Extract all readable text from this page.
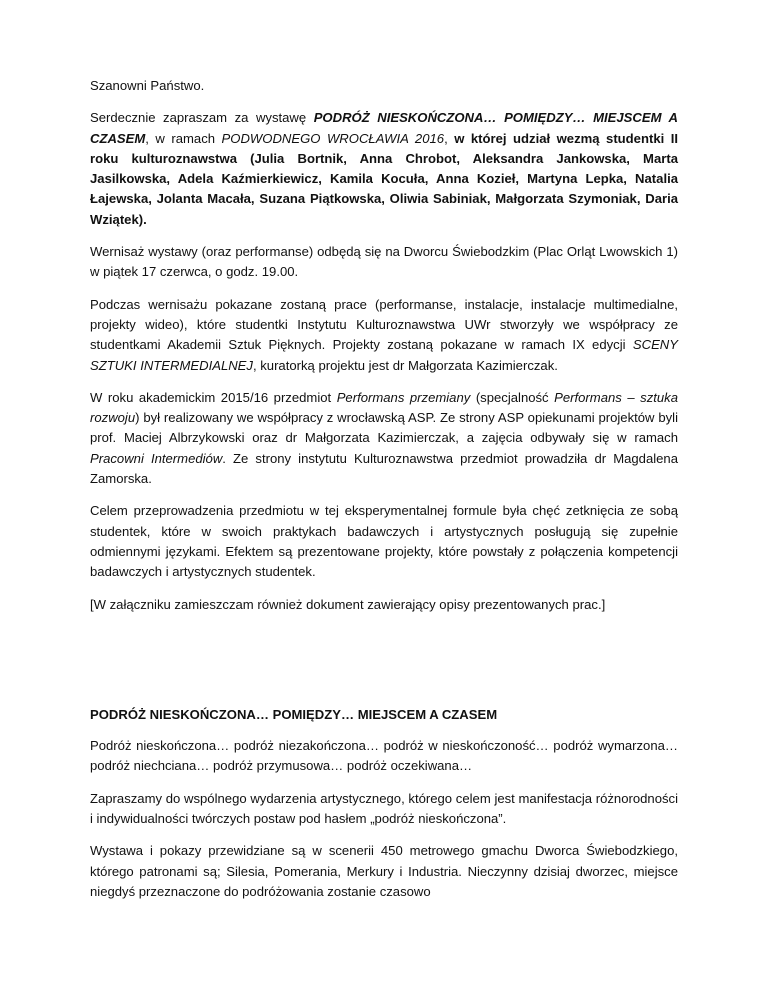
Szanowni Państwo.

Serdecznie zapraszam za wystawę PODRÓŻ NIESKOŃCZONA… POMIĘDZY… MIEJSCEM A CZASEM, w ramach PODWODNEGO WROCŁAWIA 2016, w której udział wezmą studentki II roku kulturoznawstwa (Julia Bortnik, Anna Chrobot, Aleksandra Jankowska, Marta Jasilkowska, Adela Kaźmierkiewicz, Kamila Kocuła, Anna Kozieł, Martyna Lepka, Natalia Łajewska, Jolanta Macała, Suzana Piątkowska, Oliwia Sabiniak, Małgorzata Szymoniak, Daria Wziątek).

Wernisaż wystawy (oraz performanse) odbędą się na Dworcu Świebodzkim (Plac Orląt Lwowskich 1) w piątek 17 czerwca, o godz. 19.00.

Podczas wernisażu pokazane zostaną prace (performanse, instalacje, instalacje multimedialne, projekty wideo), które studentki Instytutu Kulturoznawstwa UWr stworzyły we współpracy ze studentkami Akademii Sztuk Pięknych. Projekty zostaną pokazane w ramach IX edycji SCENY SZTUKI INTERMEDIALNEJ, kuratorką projektu jest dr Małgorzata Kazimierczak.

W roku akademickim 2015/16 przedmiot Performans przemiany (specjalność Performans – sztuka rozwoju) był realizowany we współpracy z wrocławską ASP. Ze strony ASP opiekunami projektów byli prof. Maciej Albrzykowski oraz dr Małgorzata Kazimierczak, a zajęcia odbywały się w ramach Pracowni Intermediów. Ze strony instytutu Kulturoznawstwa przedmiot prowadziła dr Magdalena Zamorska.

Celem przeprowadzenia przedmiotu w tej eksperymentalnej formule była chęć zetknięcia ze sobą studentek, które w swoich praktykach badawczych i artystycznych posługują się zupełnie odmiennymi językami. Efektem są prezentowane projekty, które powstały z połączenia kompetencji badawczych i artystycznych studentek.

[W załączniku zamieszczam również dokument zawierający opisy prezentowanych prac.]

PODRÓŻ NIESKOŃCZONA… POMIĘDZY… MIEJSCEM A CZASEM

Podróż nieskończona… podróż niezakończona… podróż w nieskończoność… podróż wymarzona… podróż niechciana… podróż przymusowa… podróż oczekiwana…

Zapraszamy do wspólnego wydarzenia artystycznego, którego celem jest manifestacja różnorodności i indywidualności twórczych postaw pod hasłem „podróż nieskończona”.

Wystawa i pokazy przewidziane są w scenerii 450 metrowego gmachu Dworca Świebodzkiego, którego patronami są; Silesia, Pomerania, Merkury i Industria. Nieczynny dzisiaj dworzec, miejsce niegdyś przeznaczone do podróżowania zostanie czasowo
